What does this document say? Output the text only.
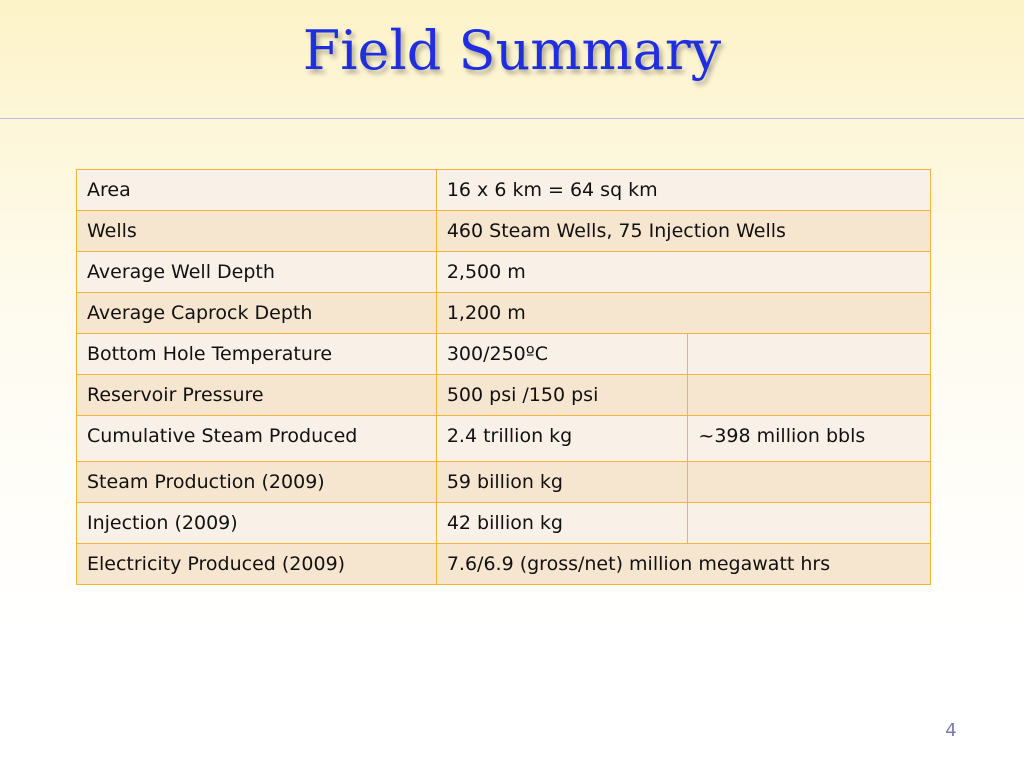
Field Summary
Area	16 x 6 km = 64 sq km	
Wells	460 Steam Wells, 75 Injection Wells	
Average Well Depth	2,500 m	
Average Caprock Depth	1,200 m	
Bottom Hole Temperature	300/250ºC	
Reservoir Pressure	500 psi /150 psi	
Cumulative Steam Produced	2.4 trillion kg	~398 million bbls
Steam Production (2009)	59 billion kg	
Injection (2009)	42 billion kg	
Electricity Produced (2009)	7.6/6.9 (gross/net) million megawatt hrs	
4
